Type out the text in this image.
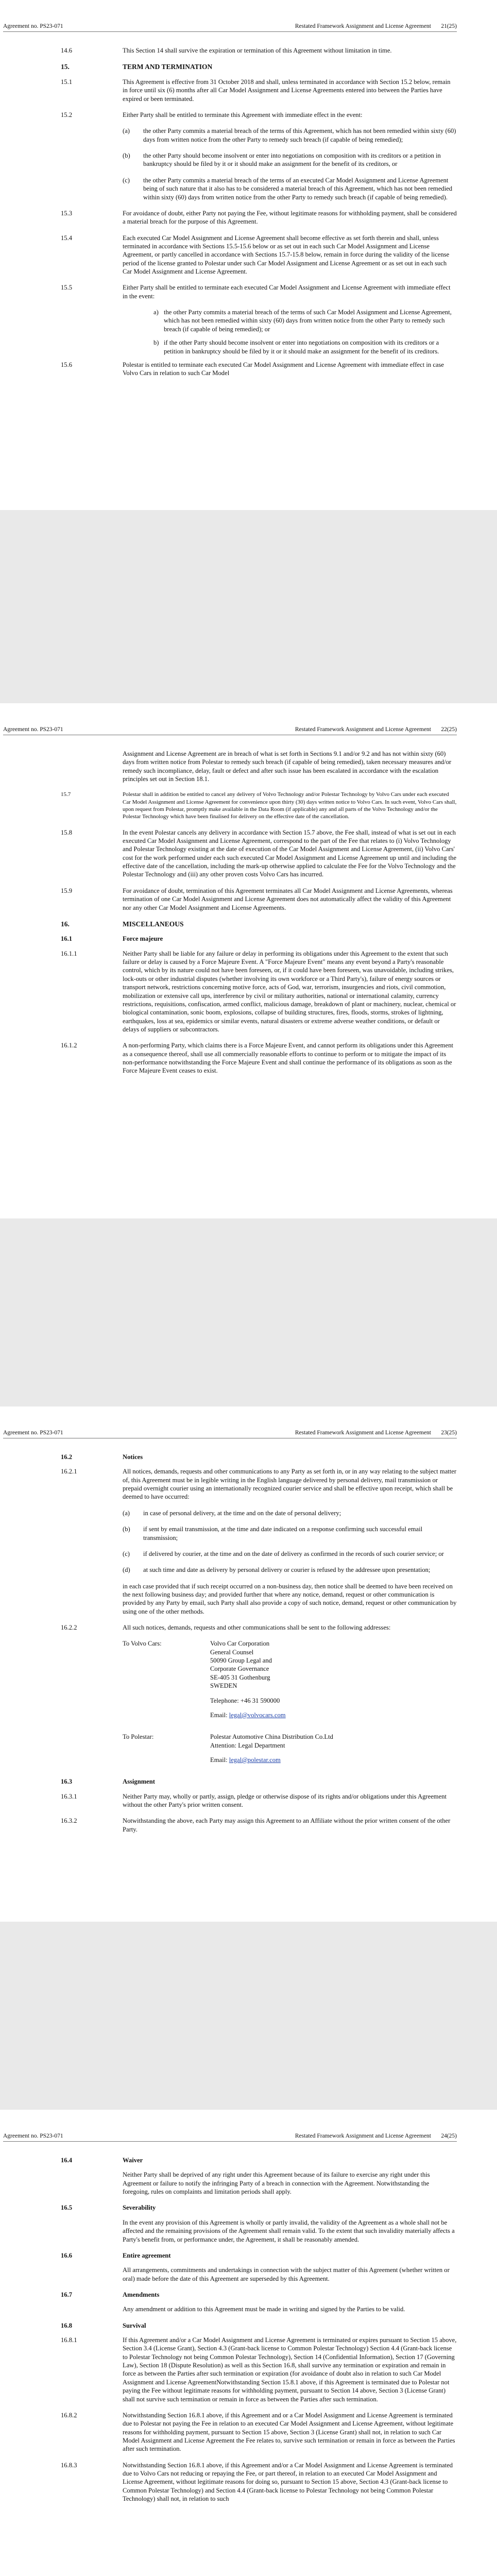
Agreement no. PS23-071	Restated Framework Assignment and License Agreement 21(25)
14.6	This Section 14 shall survive the expiration or termination of this Agreement without limitation in time.
15.	TERM AND TERMINATION
15.1	This Agreement is effective from 31 October 2018 and shall, unless terminated in accordance with Section 15.2 below, remain in force until six (6) months after all Car Model Assignment and License Agreements entered into between the Parties have expired or been terminated.
15.2	Either Party shall be entitled to terminate this Agreement with immediate effect in the event:
(a) the other Party commits a material breach of the terms of this Agreement, which has not been remedied within sixty (60) days from written notice from the other Party to remedy such breach (if capable of being remedied);
(b) the other Party should become insolvent or enter into negotiations on composition with its creditors or a petition in bankruptcy should be filed by it or it should make an assignment for the benefit of its creditors, or
(c) the other Party commits a material breach of the terms of an executed Car Model Assignment and License Agreement being of such nature that it also has to be considered a material breach of this Agreement, which has not been remedied within sixty (60) days from written notice from the other Party to remedy such breach (if capable of being remedied).
15.3	For avoidance of doubt, either Party not paying the Fee, without legitimate reasons for withholding payment, shall be considered a material breach for the purpose of this Agreement.
15.4	Each executed Car Model Assignment and License Agreement shall become effective as set forth therein and shall, unless terminated in accordance with Sections 15.5-15.6 below or as set out in each such Car Model Assignment and License Agreement, or partly cancelled in accordance with Sections 15.7-15.8 below, remain in force during the validity of the license period of the license granted to Polestar under such Car Model Assignment and License Agreement or as set out in each such Car Model Assignment and License Agreement.
15.5	Either Party shall be entitled to terminate each executed Car Model Assignment and License Agreement with immediate effect in the event:
a) the other Party commits a material breach of the terms of such Car Model Assignment and License Agreement, which has not been remedied within sixty (60) days from written notice from the other Party to remedy such breach (if capable of being remedied); or
b) if the other Party should become insolvent or enter into negotiations on composition with its creditors or a petition in bankruptcy should be filed by it or it should make an assignment for the benefit of its creditors.
15.6	Polestar is entitled to terminate each executed Car Model Assignment and License Agreement with immediate effect in case Volvo Cars in relation to such Car Model
Agreement no. PS23-071	Restated Framework Assignment and License Agreement 22(25)
Assignment and License Agreement are in breach of what is set forth in Sections 9.1 and/or 9.2 and has not within sixty (60) days from written notice from Polestar to remedy such breach (if capable of being remedied), taken necessary measures and/or remedy such incompliance, delay, fault or defect and after such issue has been escalated in accordance with the escalation principles set out in Section 18.1.
15.7	Polestar shall in addition be entitled to cancel any delivery of Volvo Technology and/or Polestar Technology by Volvo Cars under each executed Car Model Assignment and License Agreement for convenience upon thirty (30) days written notice to Volvo Cars. In such event, Volvo Cars shall, upon request from Polestar, promptly make available in the Data Room (if applicable) any and all parts of the Volvo Technology and/or the Polestar Technology which have been finalised for delivery on the effective date of the cancellation.
15.8	In the event Polestar cancels any delivery in accordance with Section 15.7 above, the Fee shall, instead of what is set out in each executed Car Model Assignment and License Agreement, correspond to the part of the Fee that relates to (i) Volvo Technology and Polestar Technology existing at the date of execution of the Car Model Assignment and License Agreement, (ii) Volvo Cars' cost for the work performed under each such executed Car Model Assignment and License Agreement up until and including the effective date of the cancellation, including the mark-up otherwise applied to calculate the Fee for the Volvo Technology and the Polestar Technology and (iii) any other proven costs Volvo Cars has incurred.
15.9	For avoidance of doubt, termination of this Agreement terminates all Car Model Assignment and License Agreements, whereas termination of one Car Model Assignment and License Agreement does not automatically affect the validity of this Agreement nor any other Car Model Assignment and License Agreements.
16.	MISCELLANEOUS
16.1	Force majeure
16.1.1	Neither Party shall be liable for any failure or delay in performing its obligations under this Agreement to the extent that such failure or delay is caused by a Force Majeure Event. A "Force Majeure Event" means any event beyond a Party's reasonable control, which by its nature could not have been foreseen, or, if it could have been foreseen, was unavoidable, including strikes, lock-outs or other industrial disputes (whether involving its own workforce or a Third Party's), failure of energy sources or transport network, restrictions concerning motive force, acts of God, war, terrorism, insurgencies and riots, civil commotion, mobilization or extensive call ups, interference by civil or military authorities, national or international calamity, currency restrictions, requisitions, confiscation, armed conflict, malicious damage, breakdown of plant or machinery, nuclear, chemical or biological contamination, sonic boom, explosions, collapse of building structures, fires, floods, storms, strokes of lightning, earthquakes, loss at sea, epidemics or similar events, natural disasters or extreme adverse weather conditions, or default or delays of suppliers or subcontractors.
16.1.2	A non-performing Party, which claims there is a Force Majeure Event, and cannot perform its obligations under this Agreement as a consequence thereof, shall use all commercially reasonable efforts to continue to perform or to mitigate the impact of its non-performance notwithstanding the Force Majeure Event and shall continue the performance of its obligations as soon as the Force Majeure Event ceases to exist.
Agreement no. PS23-071	Restated Framework Assignment and License Agreement 23(25)
16.2	Notices
16.2.1	All notices, demands, requests and other communications to any Party as set forth in, or in any way relating to the subject matter of, this Agreement must be in legible writing in the English language delivered by personal delivery, mail transmission or prepaid overnight courier using an internationally recognized courier service and shall be effective upon receipt, which shall be deemed to have occurred:
(a) in case of personal delivery, at the time and on the date of personal delivery;
(b) if sent by email transmission, at the time and date indicated on a response confirming such successful email transmission;
(c) if delivered by courier, at the time and on the date of delivery as confirmed in the records of such courier service; or
(d) at such time and date as delivery by personal delivery or courier is refused by the addressee upon presentation;
in each case provided that if such receipt occurred on a non-business day, then notice shall be deemed to have been received on the next following business day; and provided further that where any notice, demand, request or other communication is provided by any Party by email, such Party shall also provide a copy of such notice, demand, request or other communication by using one of the other methods.
16.2.2	All such notices, demands, requests and other communications shall be sent to the following addresses:
To Volvo Cars:	Volvo Car Corporation
General Counsel
50090 Group Legal and
Corporate Governance
SE-405 31 Gothenburg
SWEDEN
Telephone: +46 31 590000
Email: legal@volvocars.com
To Polestar:	Polestar Automotive China Distribution Co.Ltd
Attention: Legal Department
Email: legal@polestar.com
16.3	Assignment
16.3.1	Neither Party may, wholly or partly, assign, pledge or otherwise dispose of its rights and/or obligations under this Agreement without the other Party's prior written consent.
16.3.2	Notwithstanding the above, each Party may assign this Agreement to an Affiliate without the prior written consent of the other Party.
Agreement no. PS23-071	Restated Framework Assignment and License Agreement 24(25)
16.4	Waiver
Neither Party shall be deprived of any right under this Agreement because of its failure to exercise any right under this Agreement or failure to notify the infringing Party of a breach in connection with the Agreement. Notwithstanding the foregoing, rules on complaints and limitation periods shall apply.
16.5	Severability
In the event any provision of this Agreement is wholly or partly invalid, the validity of the Agreement as a whole shall not be affected and the remaining provisions of the Agreement shall remain valid. To the extent that such invalidity materially affects a Party's benefit from, or performance under, the Agreement, it shall be reasonably amended.
16.6	Entire agreement
All arrangements, commitments and undertakings in connection with the subject matter of this Agreement (whether written or oral) made before the date of this Agreement are superseded by this Agreement.
16.7	Amendments
Any amendment or addition to this Agreement must be made in writing and signed by the Parties to be valid.
16.8	Survival
16.8.1	If this Agreement and/or a Car Model Assignment and License Agreement is terminated or expires pursuant to Section 15 above, Section 3.4 (License Grant), Section 4.3 (Grant-back license to Common Polestar Technology) Section 4.4 (Grant-back license to Polestar Technology not being Common Polestar Technology), Section 14 (Confidential Information), Section 17 (Governing Law), Section 18 (Dispute Resolution) as well as this Section 16.8, shall survive any termination or expiration and remain in force as between the Parties after such termination or expiration (for avoidance of doubt also in relation to such Car Model Assignment and License AgreementNotwithstanding Section 15.8.1 above, if this Agreement is terminated due to Polestar not paying the Fee without legitimate reasons for withholding payment, pursuant to Section 14 above, Section 3 (License Grant) shall not survive such termination or remain in force as between the Parties after such termination.
16.8.2	Notwithstanding Section 16.8.1 above, if this Agreement and or a Car Model Assignment and License Agreement is terminated due to Polestar not paying the Fee in relation to an executed Car Model Assignment and License Agreement, without legitimate reasons for withholding payment, pursuant to Section 15 above, Section 3 (License Grant) shall not, in relation to such Car Model Assignment and License Agreement the Fee relates to, survive such termination or remain in force as between the Parties after such termination.
16.8.3	Notwithstanding Section 16.8.1 above, if this Agreement and/or a Car Model Assignment and License Agreement is terminated due to Volvo Cars not reducing or repaying the Fee, or part thereof, in relation to an executed Car Model Assignment and License Agreement, without legitimate reasons for doing so, pursuant to Section 15 above, Section 4.3 (Grant-back license to Common Polestar Technology) and Section 4.4 (Grant-back license to Polestar Technology not being Common Polestar Technology) shall not, in relation to such
